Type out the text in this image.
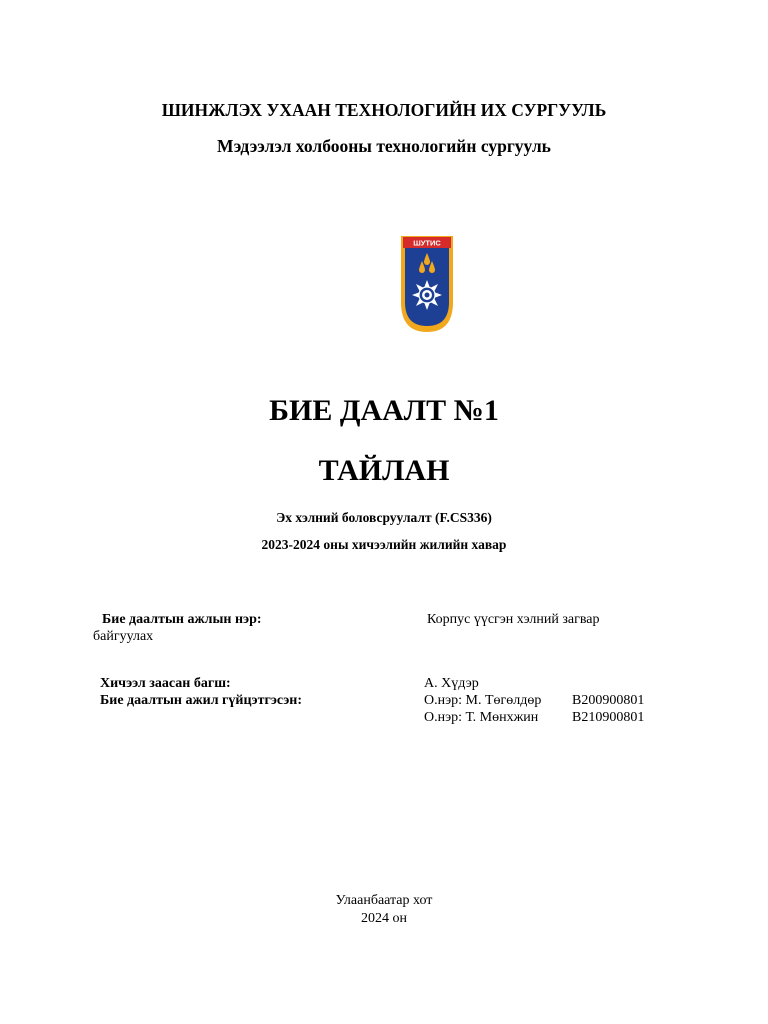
ШИНЖЛЭХ УХААН ТЕХНОЛОГИЙН ИХ СУРГУУЛЬ
Мэдээлэл холбооны технологийн сургууль
ШУТИС
БИЕ ДААЛТ №1
ТАЙЛАН
Эх хэлний боловсруулалт (F.CS336)
2023-2024 оны хичээлийн жилийн хавар
Бие даалтын ажлын нэр:	Корпус үүсгэн хэлний загвар
байгуулах
Хичээл заасан багш:	А. Хүдэр
Бие даалтын ажил гүйцэтгэсэн:	О.нэр: М. Төгөлдөр B200900801
О.нэр: Т. Мөнхжин B210900801
Улаанбаатар хот
2024 он
